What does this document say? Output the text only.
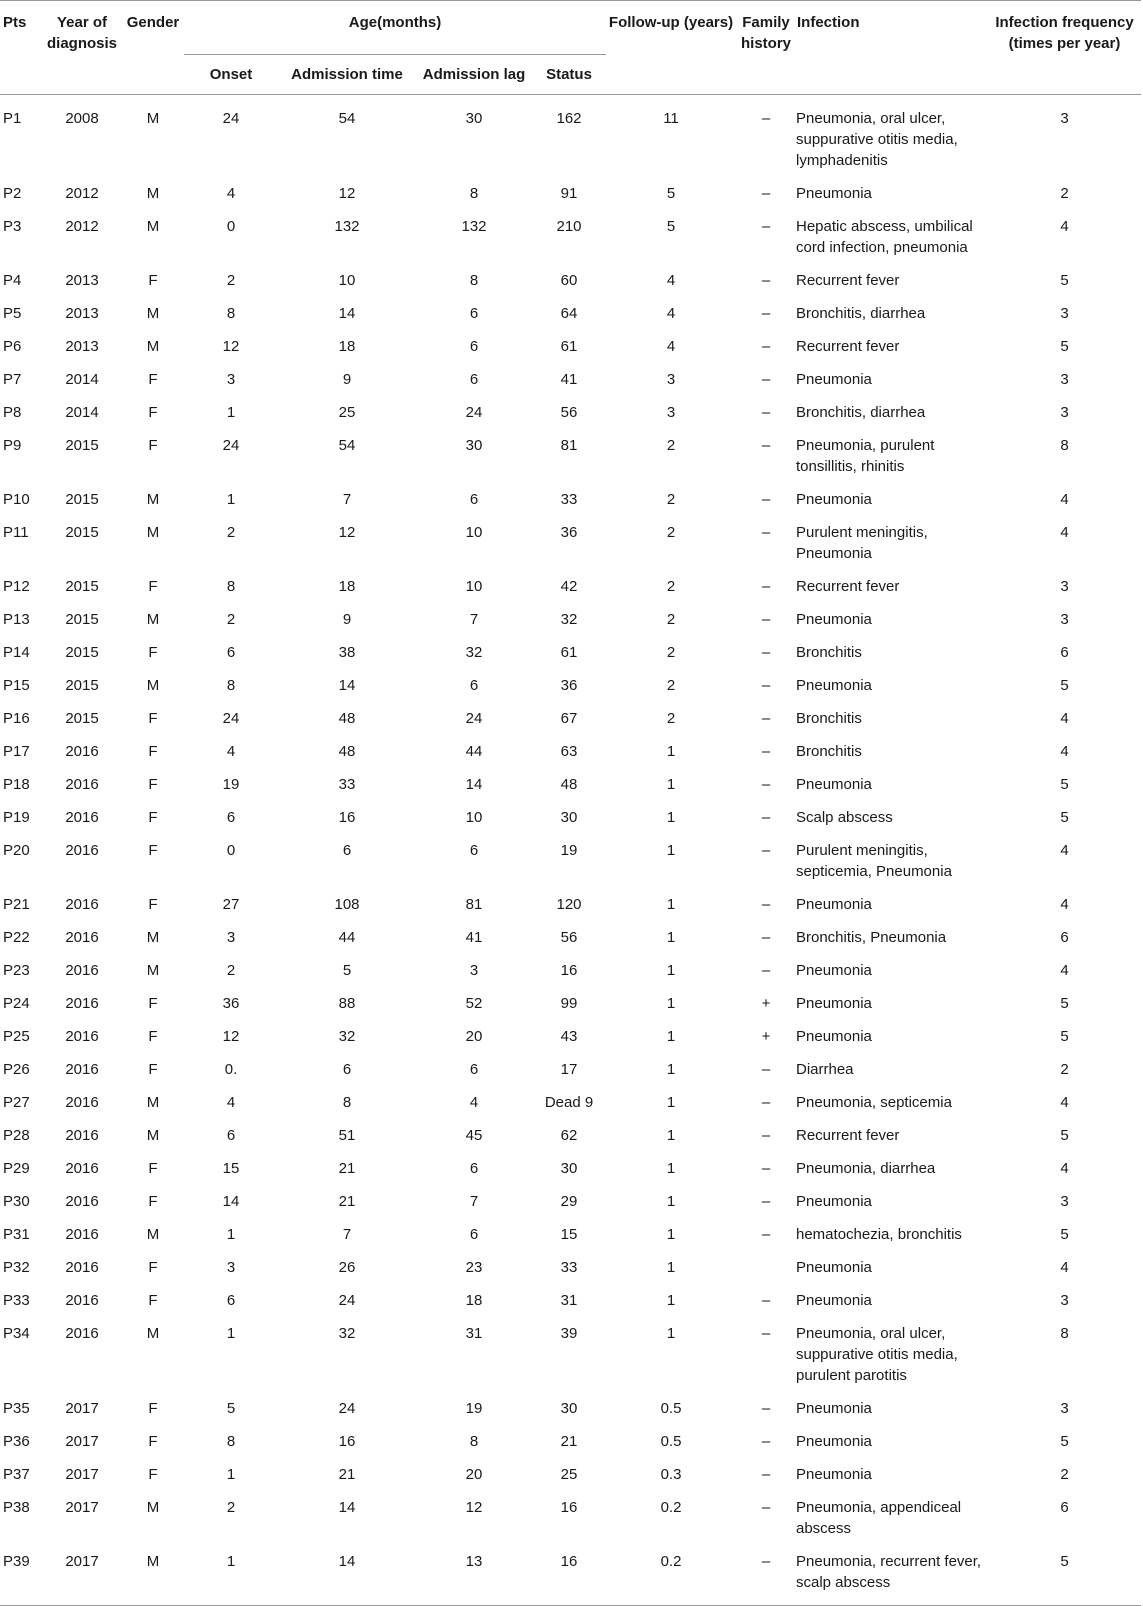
Pts	Year of diagnosis	Gender	Age(months)				Follow-up (years)	Family history	Infection	Infection frequency (times per year)
			Onset	Admission time	Admission lag	Status				
P1	2008	M	24	54	30	162	11	–	Pneumonia, oral ulcer, suppurative otitis media, lymphadenitis	3
P2	2012	M	4	12	8	91	5	–	Pneumonia	2
P3	2012	M	0	132	132	210	5	–	Hepatic abscess, umbilical cord infection, pneumonia	4
P4	2013	F	2	10	8	60	4	–	Recurrent fever	5
P5	2013	M	8	14	6	64	4	–	Bronchitis, diarrhea	3
P6	2013	M	12	18	6	61	4	–	Recurrent fever	5
P7	2014	F	3	9	6	41	3	–	Pneumonia	3
P8	2014	F	1	25	24	56	3	–	Bronchitis, diarrhea	3
P9	2015	F	24	54	30	81	2	–	Pneumonia, purulent tonsillitis, rhinitis	8
P10	2015	M	1	7	6	33	2	–	Pneumonia	4
P11	2015	M	2	12	10	36	2	–	Purulent meningitis, Pneumonia	4
P12	2015	F	8	18	10	42	2	–	Recurrent fever	3
P13	2015	M	2	9	7	32	2	–	Pneumonia	3
P14	2015	F	6	38	32	61	2	–	Bronchitis	6
P15	2015	M	8	14	6	36	2	–	Pneumonia	5
P16	2015	F	24	48	24	67	2	–	Bronchitis	4
P17	2016	F	4	48	44	63	1	–	Bronchitis	4
P18	2016	F	19	33	14	48	1	–	Pneumonia	5
P19	2016	F	6	16	10	30	1	–	Scalp abscess	5
P20	2016	F	0	6	6	19	1	–	Purulent meningitis, septicemia, Pneumonia	4
P21	2016	F	27	108	81	120	1	–	Pneumonia	4
P22	2016	M	3	44	41	56	1	–	Bronchitis, Pneumonia	6
P23	2016	M	2	5	3	16	1	–	Pneumonia	4
P24	2016	F	36	88	52	99	1	+	Pneumonia	5
P25	2016	F	12	32	20	43	1	+	Pneumonia	5
P26	2016	F	0.	6	6	17	1	–	Diarrhea	2
P27	2016	M	4	8	4	Dead 9	1	–	Pneumonia, septicemia	4
P28	2016	M	6	51	45	62	1	–	Recurrent fever	5
P29	2016	F	15	21	6	30	1	–	Pneumonia, diarrhea	4
P30	2016	F	14	21	7	29	1	–	Pneumonia	3
P31	2016	M	1	7	6	15	1	–	hematochezia, bronchitis	5
P32	2016	F	3	26	23	33	1		Pneumonia	4
P33	2016	F	6	24	18	31	1	–	Pneumonia	3
P34	2016	M	1	32	31	39	1	–	Pneumonia, oral ulcer, suppurative otitis media, purulent parotitis	8
P35	2017	F	5	24	19	30	0.5	–	Pneumonia	3
P36	2017	F	8	16	8	21	0.5	–	Pneumonia	5
P37	2017	F	1	21	20	25	0.3	–	Pneumonia	2
P38	2017	M	2	14	12	16	0.2	–	Pneumonia, appendiceal abscess	6
P39	2017	M	1	14	13	16	0.2	–	Pneumonia, recurrent fever, scalp abscess	5
